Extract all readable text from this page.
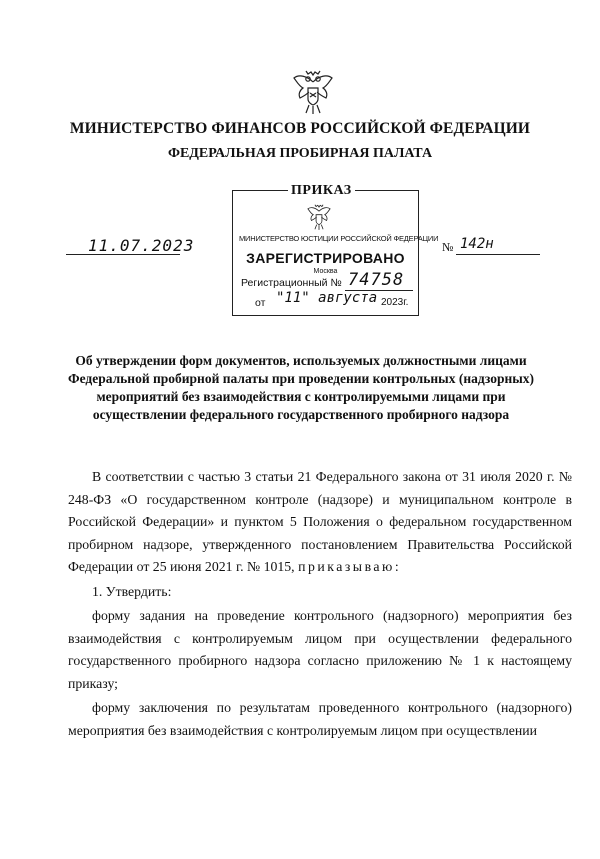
МИНИСТЕРСТВО ФИНАНСОВ РОССИЙСКОЙ ФЕДЕРАЦИИ
ФЕДЕРАЛЬНАЯ ПРОБИРНАЯ ПАЛАТА
МИНИСТЕРСТВО ЮСТИЦИИ РОССИЙСКОЙ ФЕДЕРАЦИИ
ЗАРЕГИСТРИРОВАНО
Москва
Регистрационный № 74758
от "11" августа 2023г.
ПРИКАЗ
11.07.2023	№ 142н
Об утверждении форм документов, используемых должностными лицами Федеральной пробирной палаты при проведении контрольных (надзорных) мероприятий без взаимодействия с контролируемыми лицами при осуществлении федерального государственного пробирного надзора

В соответствии с частью 3 статьи 21 Федерального закона от 31 июля 2020 г. № 248-ФЗ «О государственном контроле (надзоре) и муниципальном контроле в Российской Федерации» и пунктом 5 Положения о федеральном государственном пробирном надзоре, утвержденного постановлением Правительства Российской Федерации от 25 июня 2021 г. № 1015, приказываю:

1. Утвердить:

форму задания на проведение контрольного (надзорного) мероприятия без взаимодействия с контролируемым лицом при осуществлении федерального государственного пробирного надзора согласно приложению № 1 к настоящему приказу;

форму заключения по результатам проведенного контрольного (надзорного) мероприятия без взаимодействия с контролируемым лицом при осуществлении
